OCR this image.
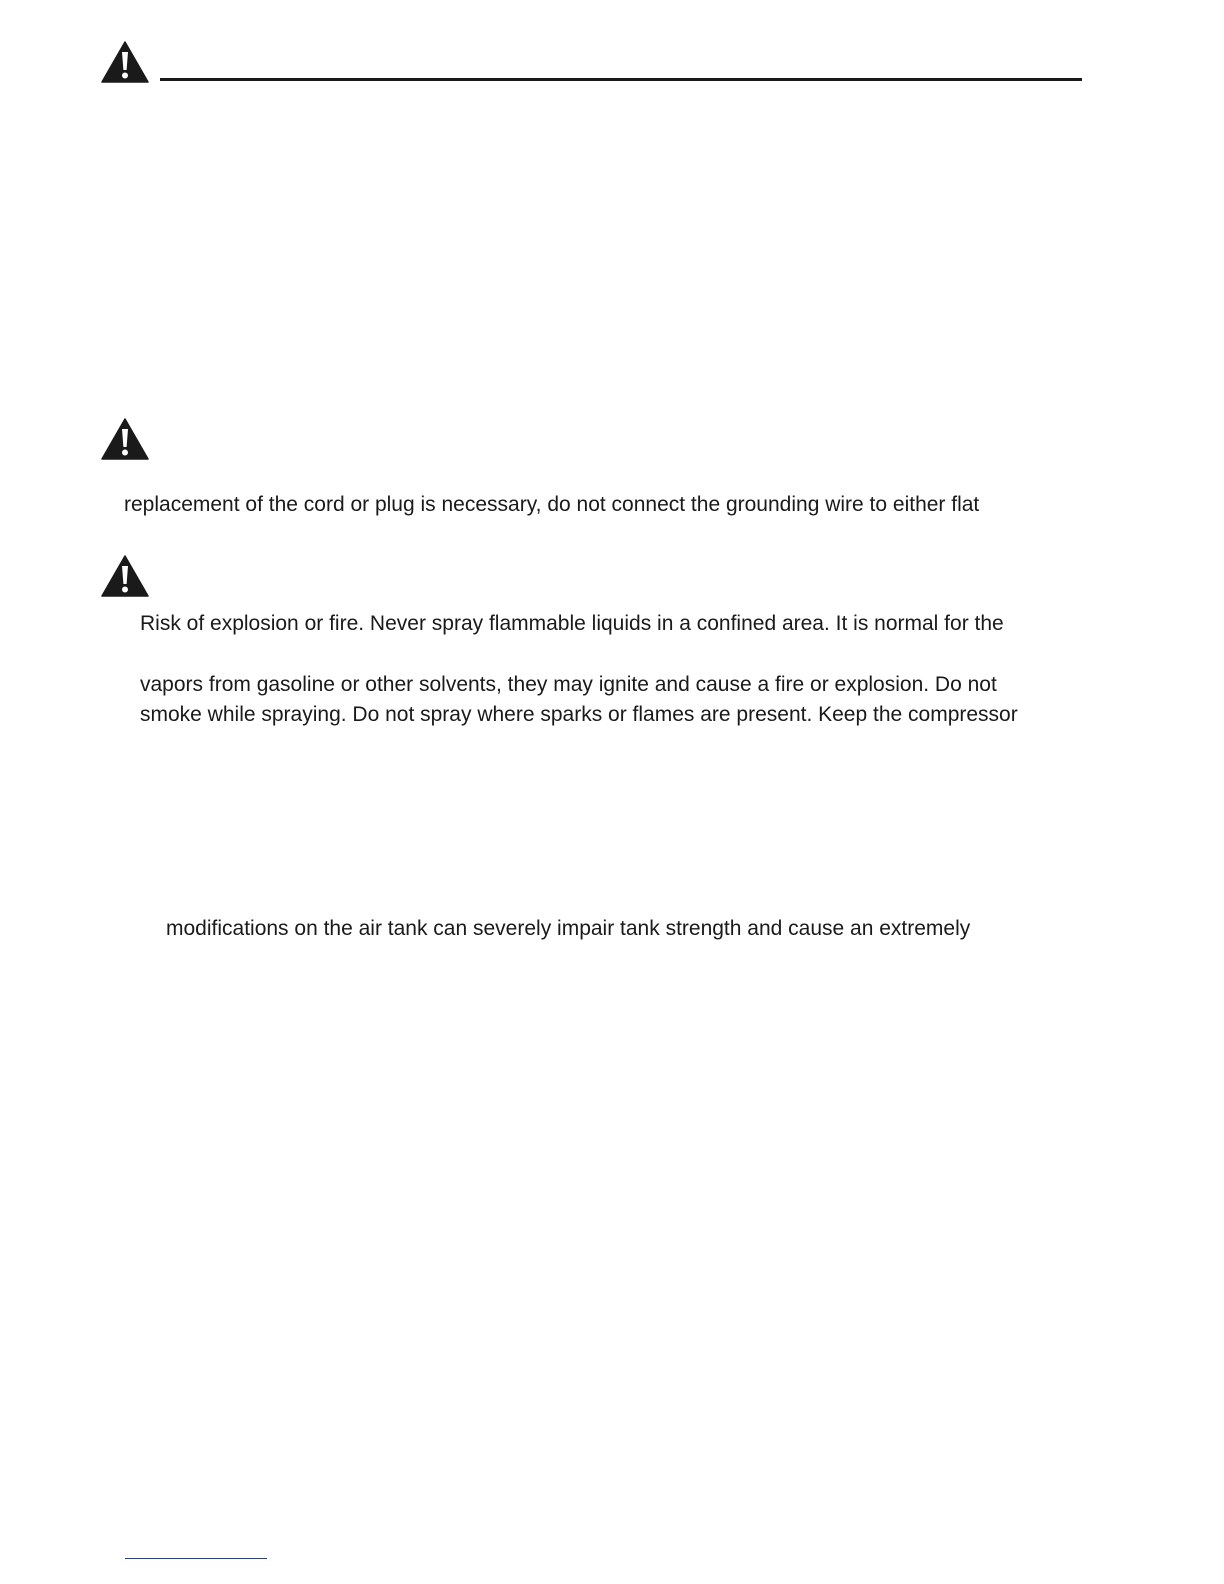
replacement of the cord or plug is necessary, do not connect the grounding wire to either flat
Risk of explosion or fire. Never spray flammable liquids in a confined area. It is normal for the
vapors from gasoline or other solvents, they may ignite and cause a fire or explosion. Do not
smoke while spraying. Do not spray where sparks or flames are present. Keep the compressor
modifications on the air tank can severely impair tank strength and cause an extremely
